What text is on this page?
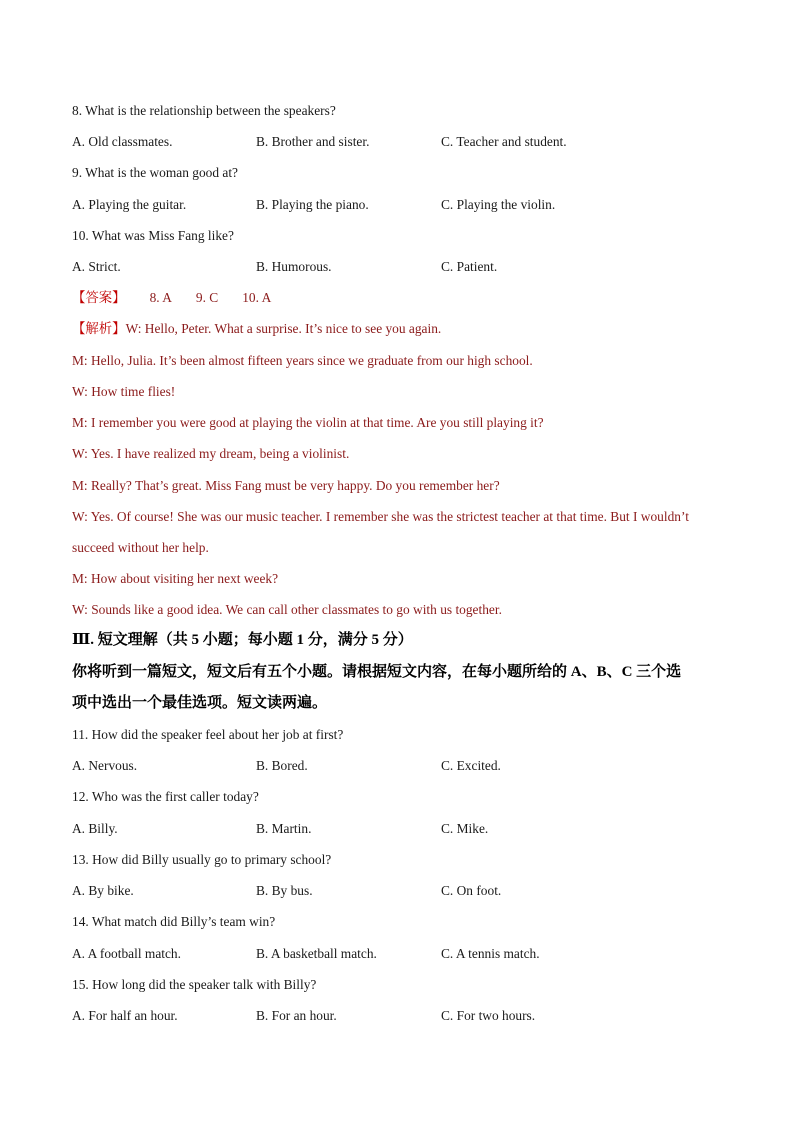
8. What is the relationship between the speakers?
A. Old classmates.	B. Brother and sister.	C. Teacher and student.
9. What is the woman good at?
A. Playing the guitar.	B. Playing the piano.	C. Playing the violin.
10. What was Miss Fang like?
A. Strict.	B. Humorous.	C. Patient.
【答案】 8. A 9. C 10. A
【解析】W: Hello, Peter. What a surprise. It’s nice to see you again.
M: Hello, Julia. It’s been almost fifteen years since we graduate from our high school.
W: How time flies!
M: I remember you were good at playing the violin at that time. Are you still playing it?
W: Yes. I have realized my dream, being a violinist.
M: Really? That’s great. Miss Fang must be very happy. Do you remember her?
W: Yes. Of course! She was our music teacher. I remember she was the strictest teacher at that time. But I wouldn’t
succeed without her help.
M: How about visiting her next week?
W: Sounds like a good idea. We can call other classmates to go with us together.
Ⅲ. 短文理解（共 5 小题；每小题 1 分，满分 5 分）
你将听到一篇短文，短文后有五个小题。请根据短文内容，在每小题所给的 A、B、C 三个选
项中选出一个最佳选项。短文读两遍。
11. How did the speaker feel about her job at first?
A. Nervous.	B. Bored.	C. Excited.
12. Who was the first caller today?
A. Billy.	B. Martin.	C. Mike.
13. How did Billy usually go to primary school?
A. By bike.	B. By bus.	C. On foot.
14. What match did Billy’s team win?
A. A football match.	B. A basketball match.	C. A tennis match.
15. How long did the speaker talk with Billy?
A. For half an hour.	B. For an hour.	C. For two hours.
